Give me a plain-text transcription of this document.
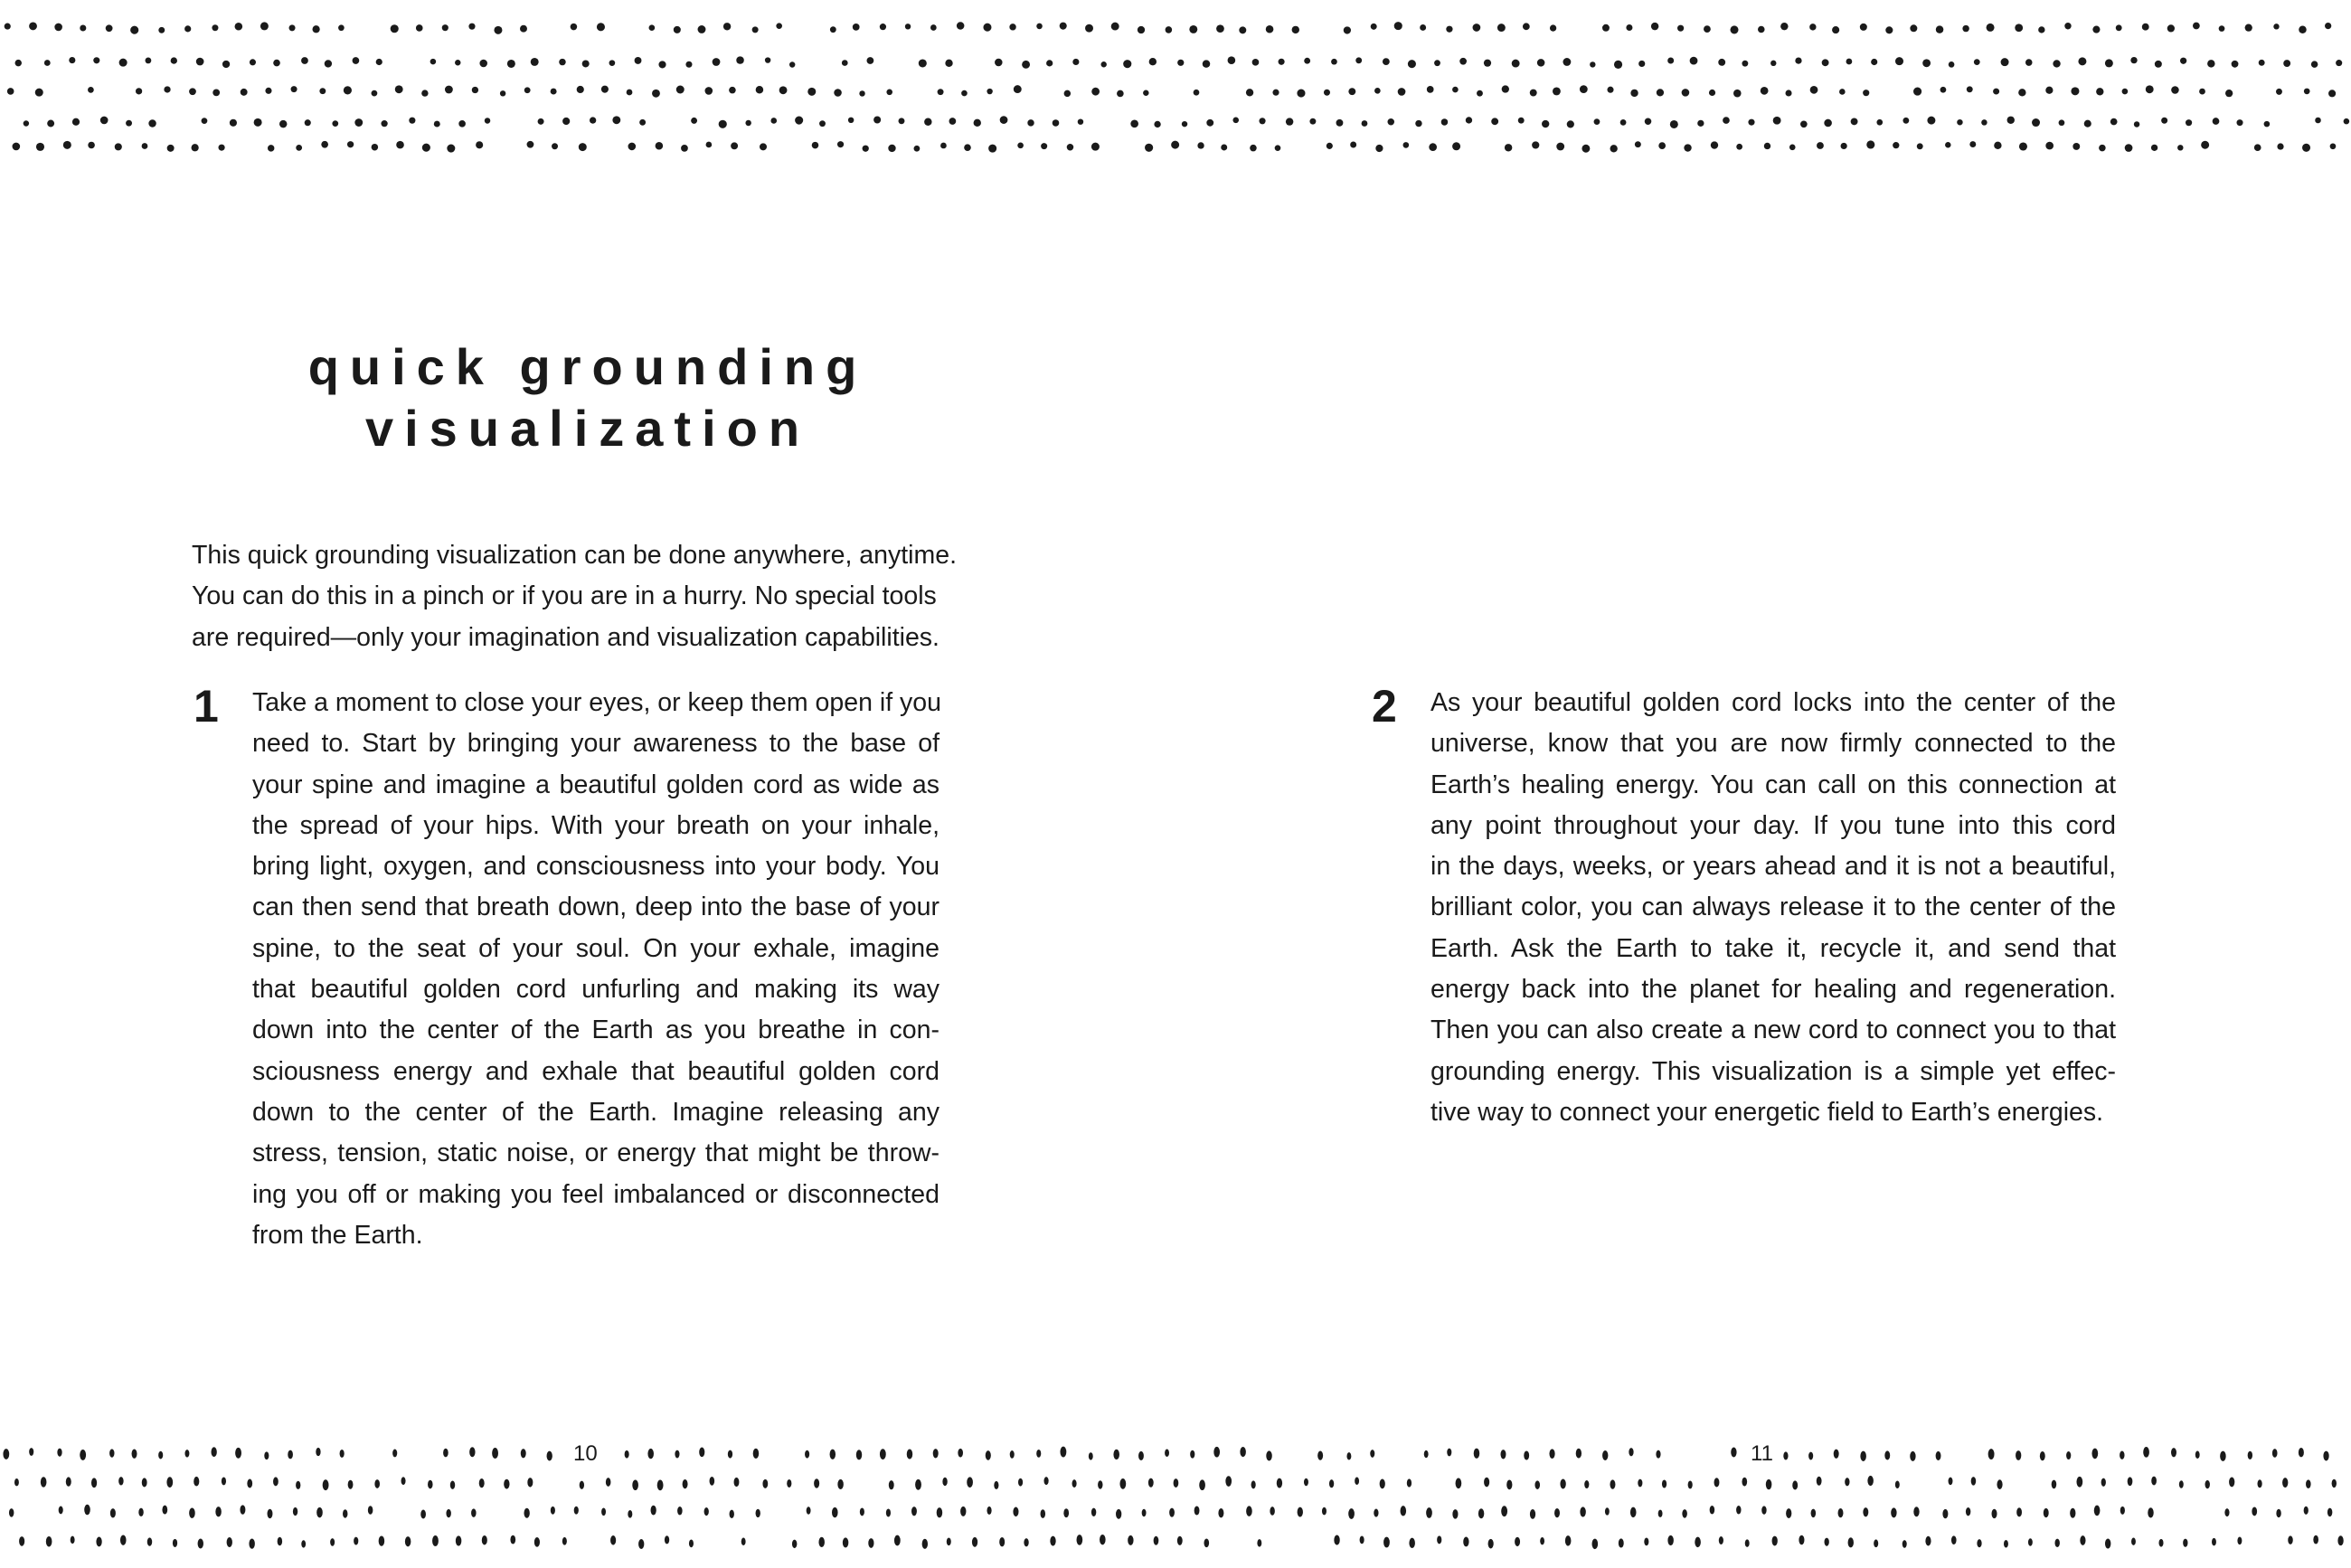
quick grounding
visualization
This quick grounding visualization can be done anywhere, anytime.
You can do this in a pinch or if you are in a hurry. No special tools
are required—only your imagination and visualization capabilities.
1 Take a moment to close your eyes, or keep them open if you
need to. Start by bringing your awareness to the base of
your spine and imagine a beautiful golden cord as wide as
the spread of your hips. With your breath on your inhale,
bring light, oxygen, and consciousness into your body. You
can then send that breath down, deep into the base of your
spine, to the seat of your soul. On your exhale, imagine
that beautiful golden cord unfurling and making its way
down into the center of the Earth as you breathe in con-
sciousness energy and exhale that beautiful golden cord
down to the center of the Earth. Imagine releasing any
stress, tension, static noise, or energy that might be throw-
ing you off or making you feel imbalanced or disconnected
from the Earth.
2 As your beautiful golden cord locks into the center of the
universe, know that you are now firmly connected to the
Earth’s healing energy. You can call on this connection at
any point throughout your day. If you tune into this cord
in the days, weeks, or years ahead and it is not a beautiful,
brilliant color, you can always release it to the center of the
Earth. Ask the Earth to take it, recycle it, and send that
energy back into the planet for healing and regeneration.
Then you can also create a new cord to connect you to that
grounding energy. This visualization is a simple yet effec-
tive way to connect your energetic field to Earth’s energies.
10	11
